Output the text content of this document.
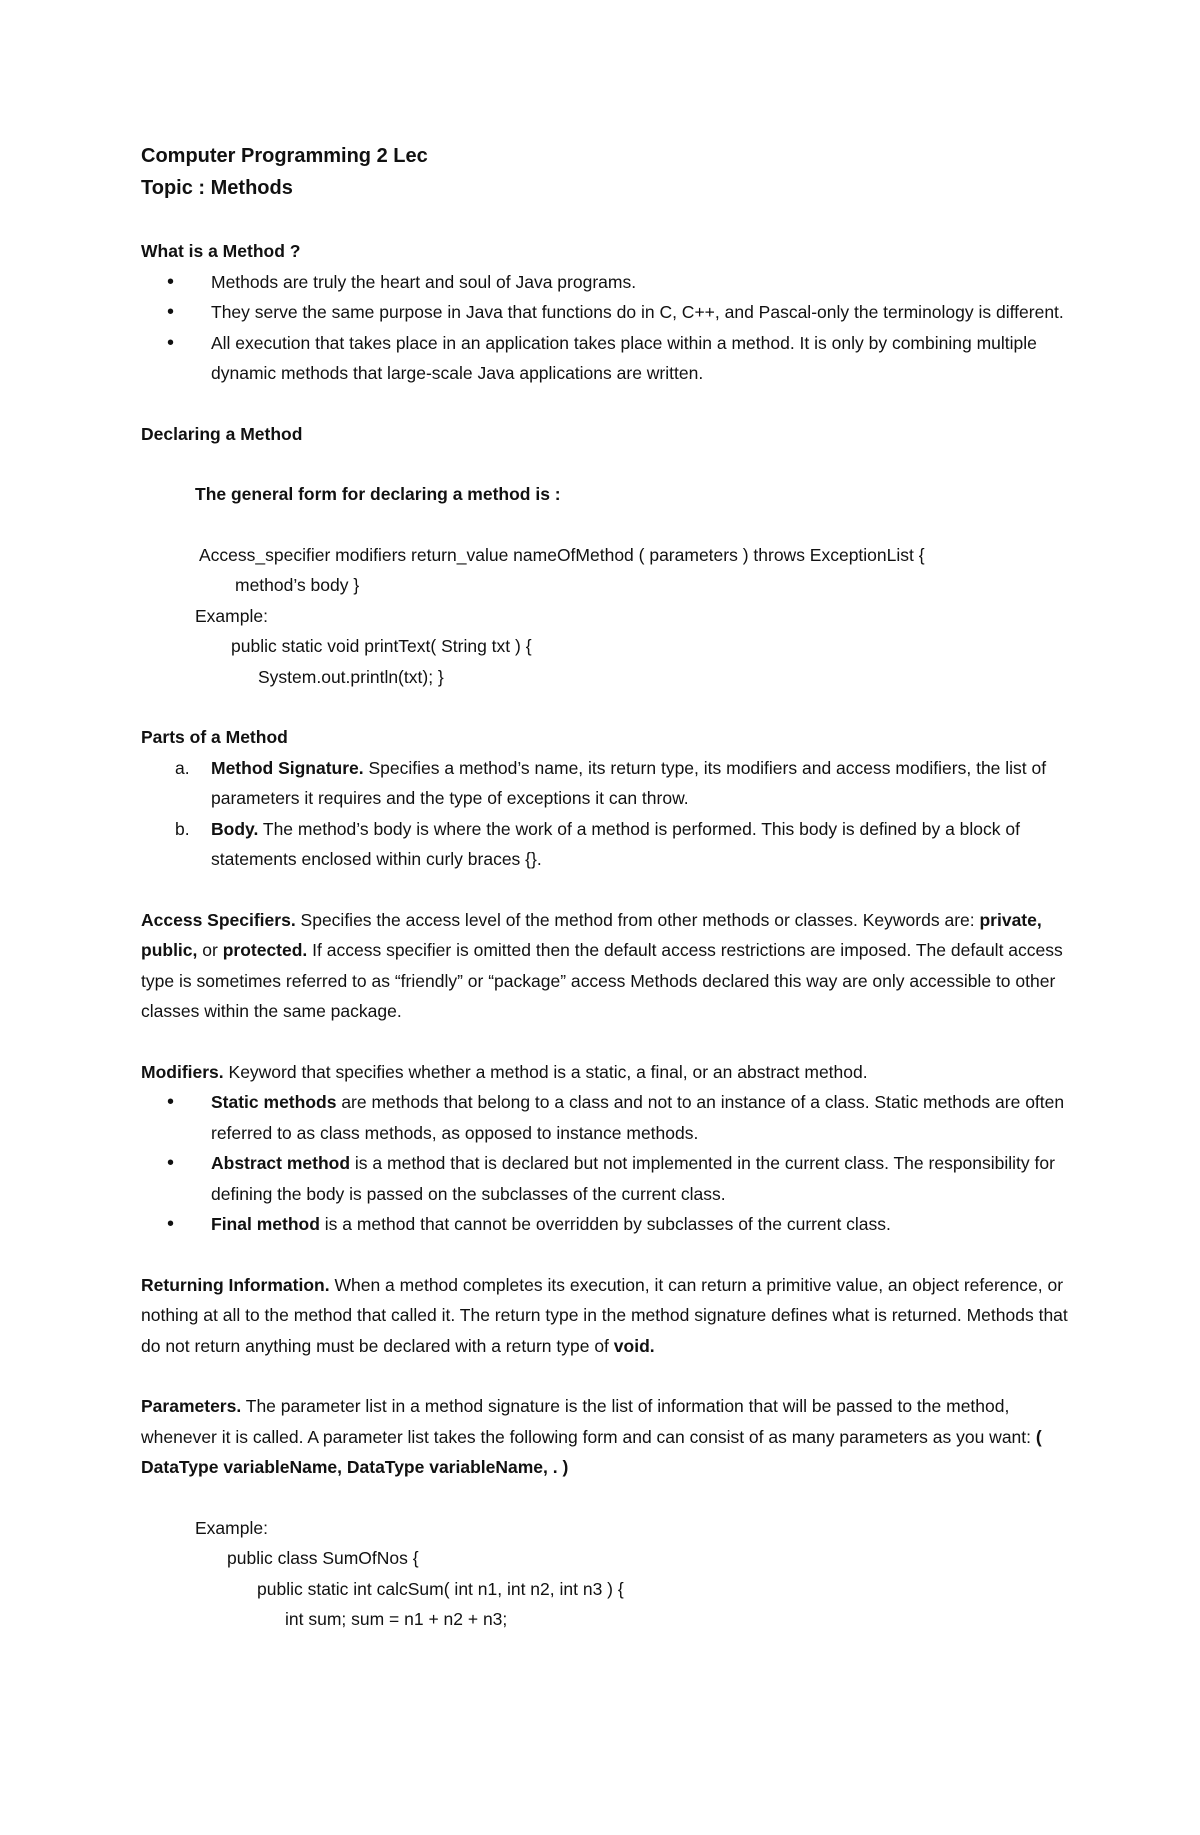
Computer Programming 2 Lec
Topic : Methods
What is a Method ?
• Methods are truly the heart and soul of Java programs.
• They serve the same purpose in Java that functions do in C, C++, and Pascal-only the terminology is different.
• All execution that takes place in an application takes place within a method. It is only by combining multiple dynamic methods that large-scale Java applications are written.
Declaring a Method
The general form for declaring a method is :
Access_specifier modifiers return_value nameOfMethod ( parameters ) throws ExceptionList {
method’s body }
Example:
public static void printText( String txt ) {
System.out.println(txt); }
Parts of a Method
a. Method Signature. Specifies a method’s name, its return type, its modifiers and access modifiers, the list of parameters it requires and the type of exceptions it can throw.
b. Body. The method’s body is where the work of a method is performed. This body is defined by a block of statements enclosed within curly braces {}.

Access Specifiers. Specifies the access level of the method from other methods or classes. Keywords are: private, public, or protected. If access specifier is omitted then the default access restrictions are imposed. The default access type is sometimes referred to as “friendly” or “package” access Methods declared this way are only accessible to other classes within the same package.

Modifiers. Keyword that specifies whether a method is a static, a final, or an abstract method.

• Static methods are methods that belong to a class and not to an instance of a class. Static methods are often referred to as class methods, as opposed to instance methods.
• Abstract method is a method that is declared but not implemented in the current class. The responsibility for defining the body is passed on the subclasses of the current class.
• Final method is a method that cannot be overridden by subclasses of the current class.

Returning Information. When a method completes its execution, it can return a primitive value, an object reference, or nothing at all to the method that called it. The return type in the method signature defines what is returned. Methods that do not return anything must be declared with a return type of void.

Parameters. The parameter list in a method signature is the list of information that will be passed to the method, whenever it is called. A parameter list takes the following form and can consist of as many parameters as you want: ( DataType variableName, DataType variableName, . )

Example:
public class SumOfNos {
public static int calcSum( int n1, int n2, int n3 ) {
int sum; sum = n1 + n2 + n3;
